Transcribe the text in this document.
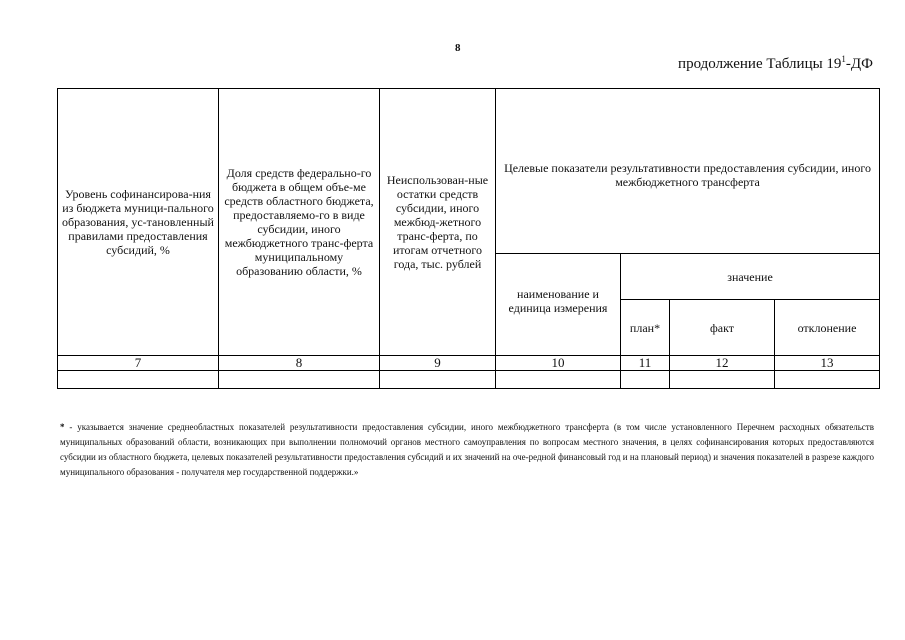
8
продолжение Таблицы $19^1-ДФ$
Уровень софинансирова-ния из бюджета муници-пального образования, ус-тановленный правилами предоставления субсидий, %	Доля средств федерально-го бюджета в общем объе-ме средств областного бюджета, предоставляемо-го в виде субсидии, иного межбюджетного транс-ферта муниципальному образованию области, %	Неиспользован-ные остатки средств субсидии, иного межбюд-жетного транс-ферта, по итогам отчетного года, тыс. рублей	Целевые показатели результативности предоставления субсидии, иного межбюджетного трансферта			
			наименование и единица измерения	значение		
				план*	факт	отклонение
7	8	9	10	11	12	13

* - указывается значение среднеобластных показателей результативности предоставления субсидии, иного межбюджетного трансферта (в том числе установленного Перечнем расходных обязательств муниципальных образований области, возникающих при выполнении полномочий органов местного самоуправления по вопросам местного значения, в целях софинансирования которых предоставляются субсидии из областного бюджета, целевых показателей результативности предоставления субсидий и их значений на оче-редной финансовый год и на плановый период) и значения показателей в разрезе каждого муниципального образования - получателя мер государственной поддержки.»
